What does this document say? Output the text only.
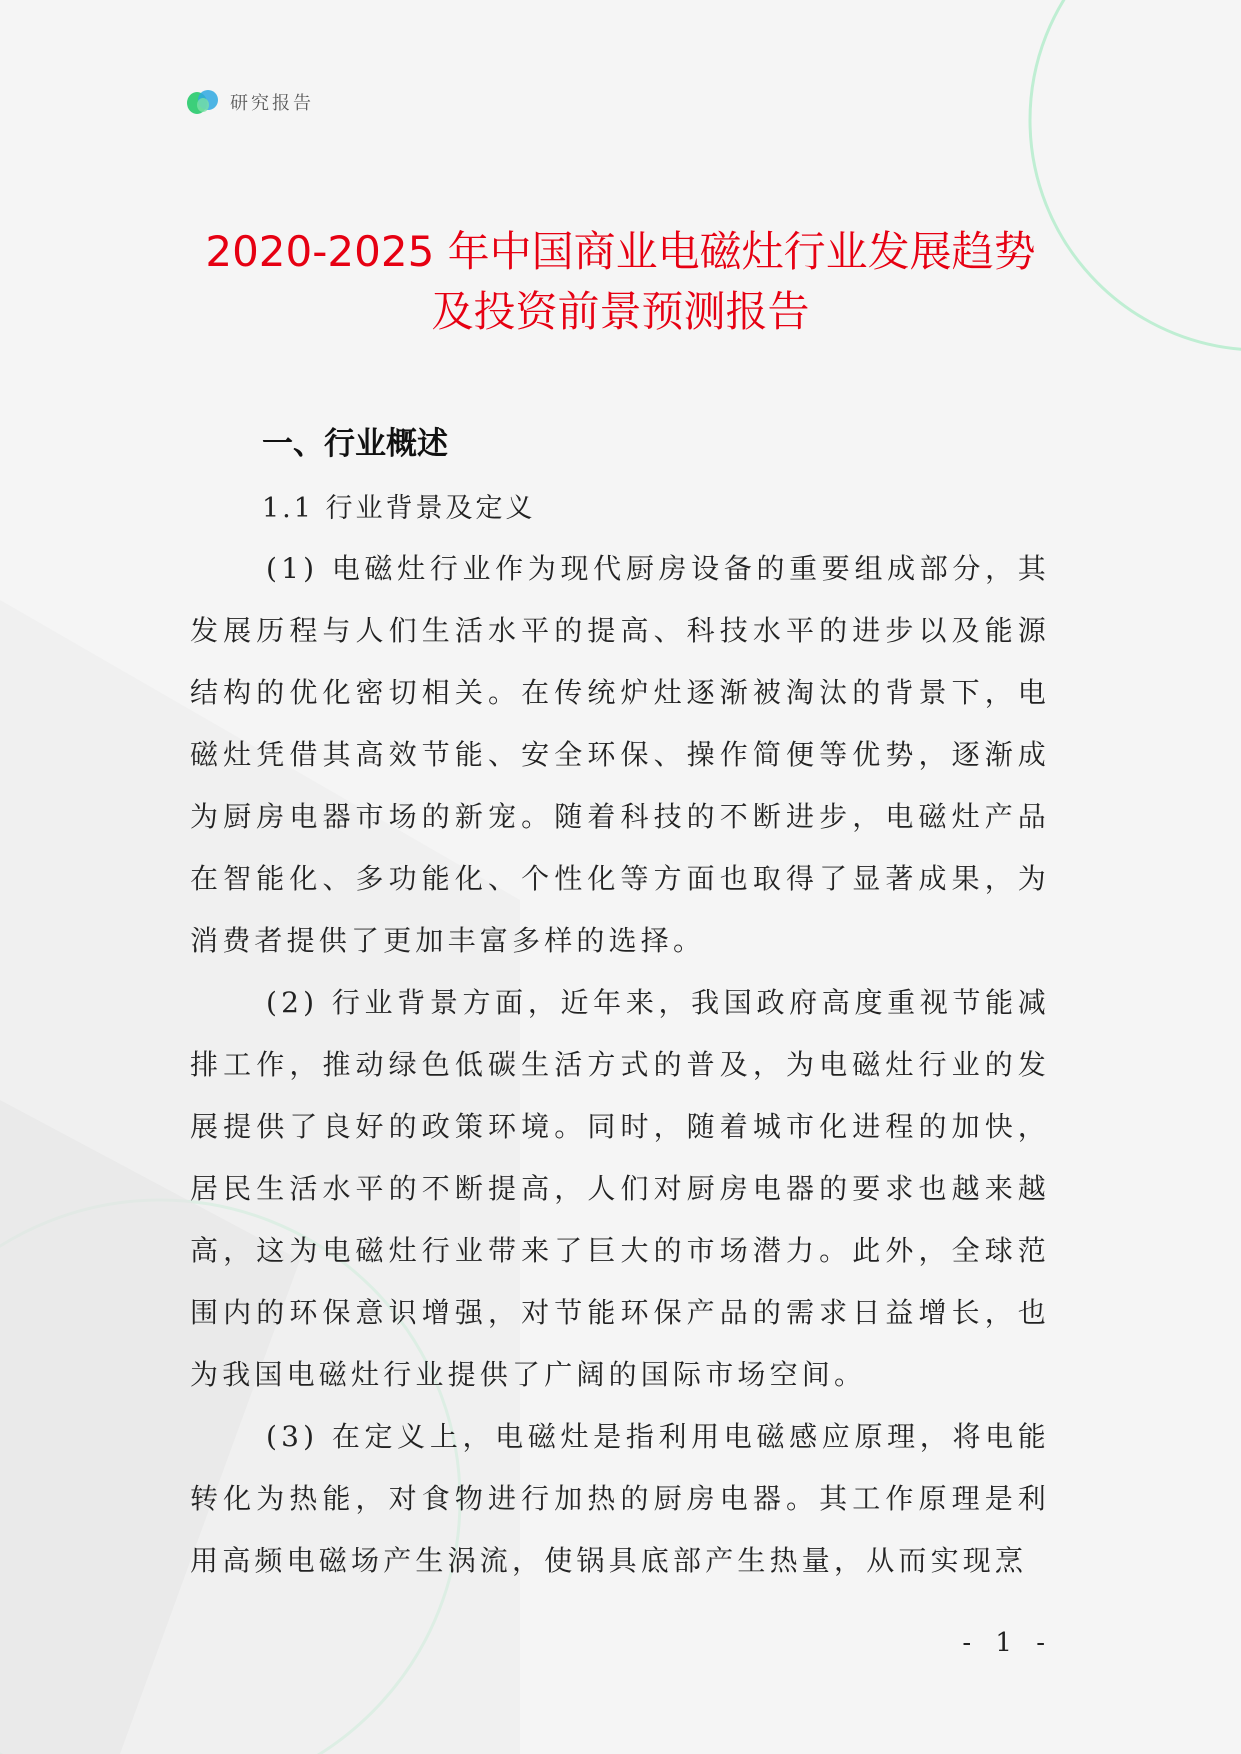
研究报告
2020-2025 年中国商业电磁灶行业发展趋势
及投资前景预测报告
一、行业概述
1.1 行业背景及定义

(1) 电磁灶行业作为现代厨房设备的重要组成部分，其发展历程与人们生活水平的提高、科技水平的进步以及能源结构的优化密切相关。在传统炉灶逐渐被淘汰的背景下，电磁灶凭借其高效节能、安全环保、操作简便等优势，逐渐成为厨房电器市场的新宠。随着科技的不断进步，电磁灶产品在智能化、多功能化、个性化等方面也取得了显著成果，为消费者提供了更加丰富多样的选择。

(2) 行业背景方面，近年来，我国政府高度重视节能减排工作，推动绿色低碳生活方式的普及，为电磁灶行业的发展提供了良好的政策环境。同时，随着城市化进程的加快，居民生活水平的不断提高，人们对厨房电器的要求也越来越高，这为电磁灶行业带来了巨大的市场潜力。此外，全球范围内的环保意识增强，对节能环保产品的需求日益增长，也为我国电磁灶行业提供了广阔的国际市场空间。

(3) 在定义上，电磁灶是指利用电磁感应原理，将电能转化为热能，对食物进行加热的厨房电器。其工作原理是利用高频电磁场产生涡流，使锅具底部产生热量，从而实现烹

- 1 -
